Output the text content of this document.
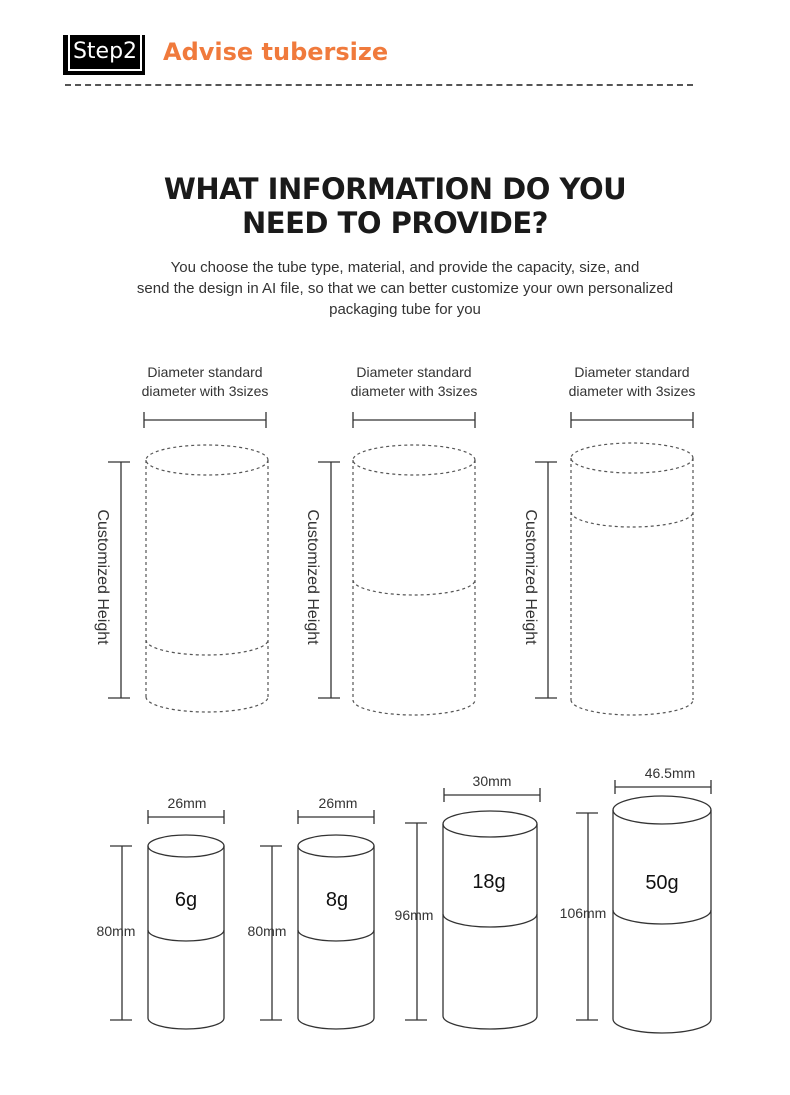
Step2 Advise tubersize
WHAT INFORMATION DO YOU
NEED TO PROVIDE?
You choose the tube type, material, and provide the capacity, size, and
send the design in AI file, so that we can better customize your own personalized
packaging tube for you
Diameter standard
diameter with 3sizes
Customized Height
Diameter standard
diameter with 3sizes
Customized Height
Diameter standard
diameter with 3sizes
Customized Height
26mm
80mm
6g
26mm
80mm
8g
30mm
96mm
18g
46.5mm
106mm
50g
